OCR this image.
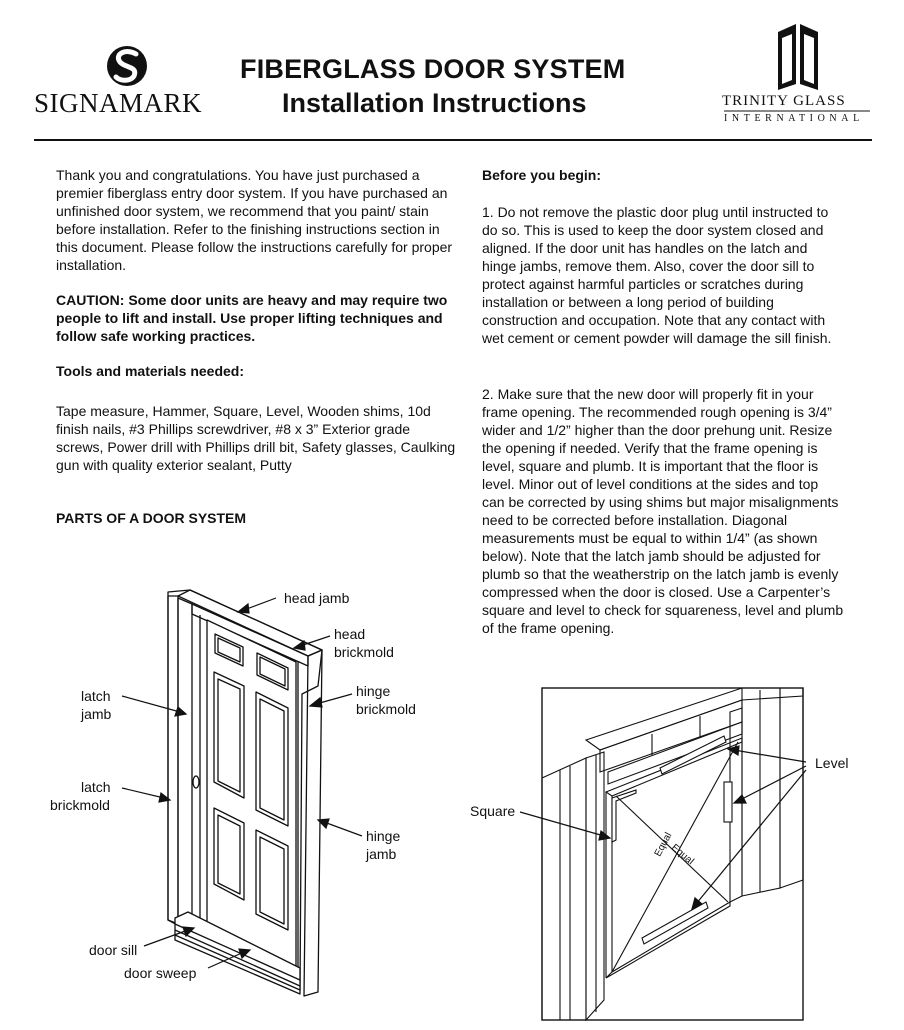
SIGNAMARK
FIBERGLASS DOOR SYSTEM
Installation Instructions	TRINITY GLASS
INTERNATIONAL
Thank you and congratulations. You have just purchased a premier fiberglass entry door system. If you have purchased an unfinished door system, we recommend that you paint/ stain before installation. Refer to the finishing instructions section in this document. Please follow the instructions carefully for proper installation.
CAUTION: Some door units are heavy and may require two people to lift and install. Use proper lifting techniques and follow safe working practices.
Tools and materials needed:
Tape measure, Hammer, Square, Level, Wooden shims, 10d finish nails, #3 Phillips screwdriver, #8 x 3” Exterior grade screws, Power drill with Phillips drill bit, Safety glasses, Caulking gun with quality exterior sealant, Putty
PARTS OF A DOOR SYSTEM
Before you begin:
1. Do not remove the plastic door plug until instructed to do so. This is used to keep the door system closed and aligned. If the door unit has handles on the latch and hinge jambs, remove them. Also, cover the door sill to protect against harmful particles or scratches during installation or between a long period of building construction and occupation. Note that any contact with wet cement or cement powder will damage the sill finish.
2. Make sure that the new door will properly fit in your frame opening. The recommended rough opening is 3/4” wider and 1/2” higher than the door prehung unit. Resize the opening if needed. Verify that the frame opening is level, square and plumb. It is important that the floor is level. Minor out of level conditions at the sides and top can be corrected by using shims but major misalignments need to be corrected before installation. Diagonal measurements must be equal to within 1/4” (as shown below). Note that the latch jamb should be adjusted for plumb so that the weatherstrip on the latch jamb is evenly compressed when the door is closed. Use a Carpenter’s square and level to check for squareness, level and plumb of the frame opening.
head jamb
head
brickmold
latch
jamb
hinge
brickmold
latch
brickmold
hinge
jamb
door sill
door sweep
Level
Square
Equal
Equal
